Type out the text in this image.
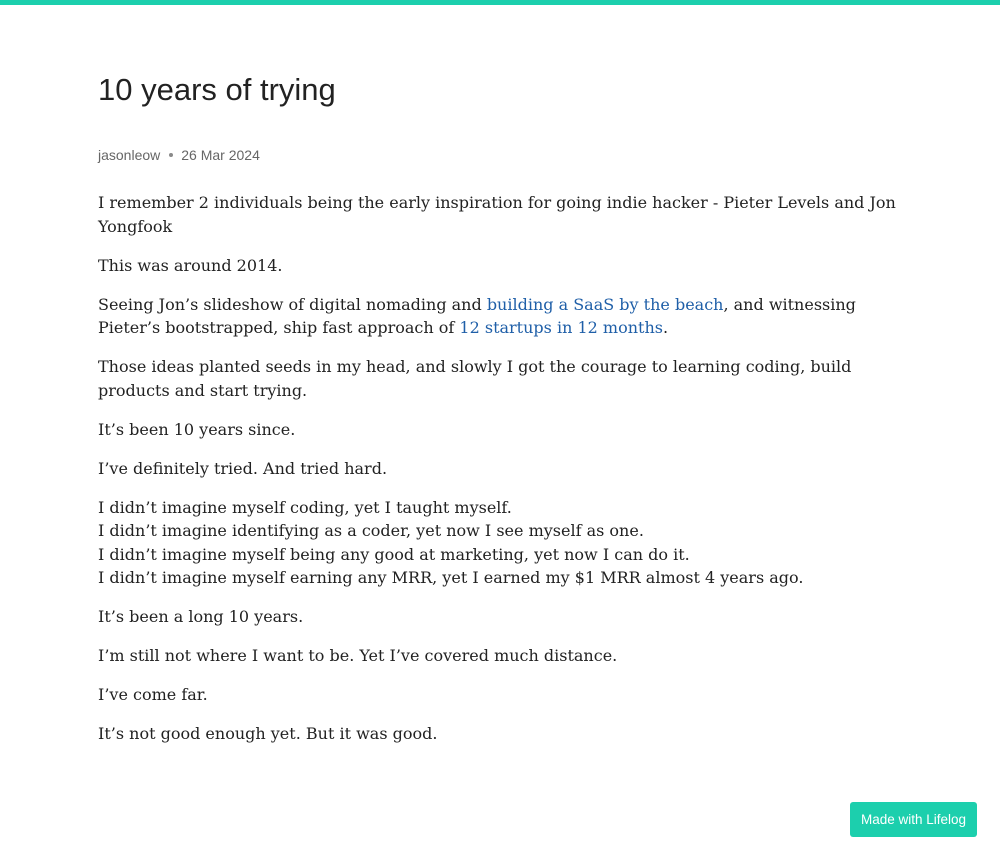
10 years of trying
jasonleow 26 Mar 2024

I remember 2 individuals being the early inspiration for going indie hacker - Pieter Levels and Jon Yongfook

This was around 2014.

Seeing Jon’s slideshow of digital nomading and building a SaaS by the beach, and witnessing Pieter’s bootstrapped, ship fast approach of 12 startups in 12 months.

Those ideas planted seeds in my head, and slowly I got the courage to learning coding, build products and start trying.

It’s been 10 years since.

I’ve definitely tried. And tried hard.

I didn’t imagine myself coding, yet I taught myself.
I didn’t imagine identifying as a coder, yet now I see myself as one.
I didn’t imagine myself being any good at marketing, yet now I can do it.
I didn’t imagine myself earning any MRR, yet I earned my $1 MRR almost 4 years ago.

It’s been a long 10 years.

I’m still not where I want to be. Yet I’ve covered much distance.

I’ve come far.

It’s not good enough yet. But it was good.

Made with Lifelog
